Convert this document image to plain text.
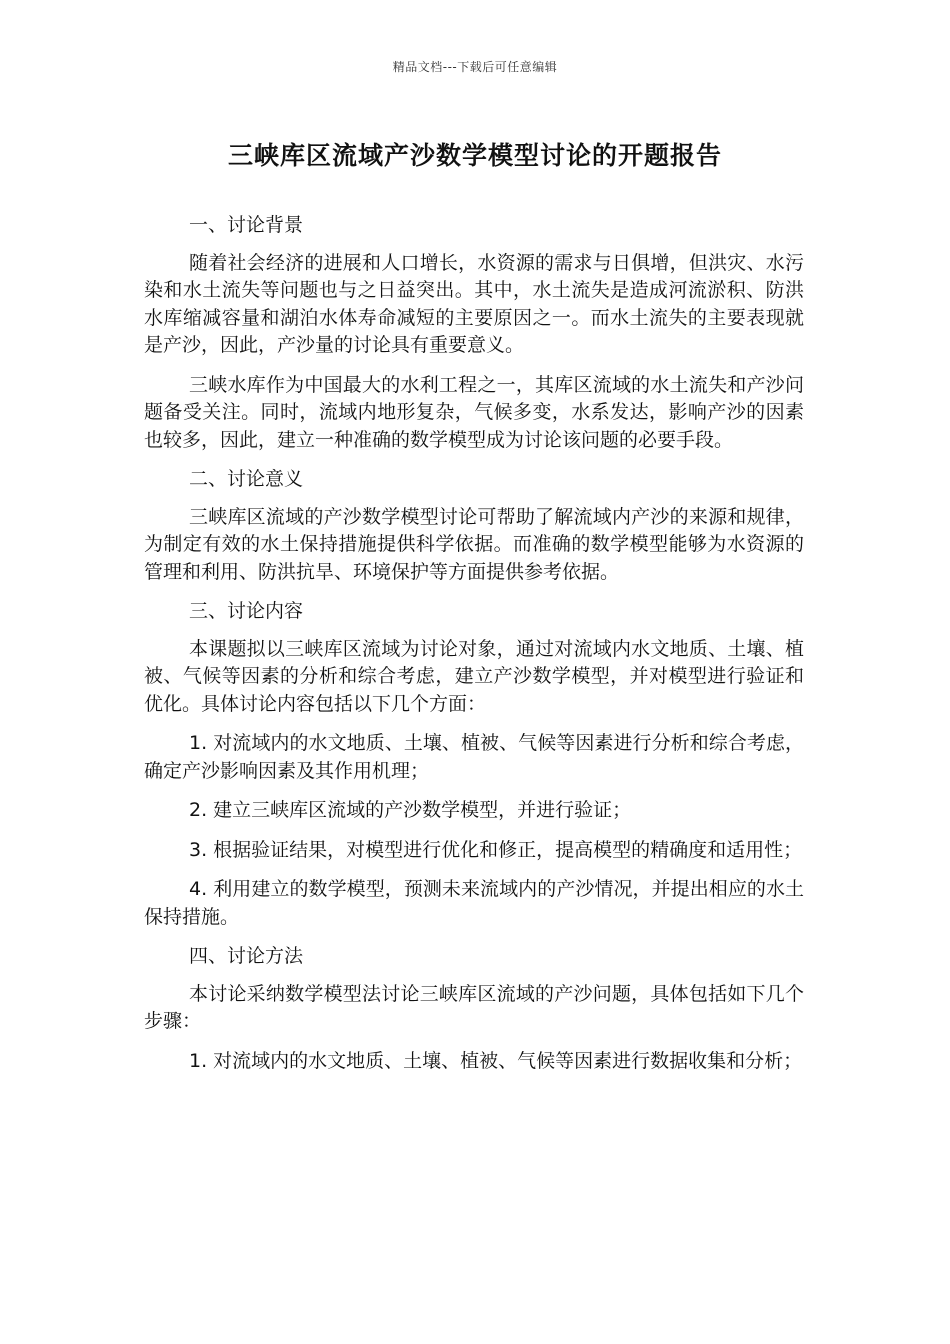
精品文档---下载后可任意编辑
三峡库区流域产沙数学模型讨论的开题报告
一、讨论背景

随着社会经济的进展和人口增长，水资源的需求与日俱增，但洪灾、水污染和水土流失等问题也与之日益突出。其中，水土流失是造成河流淤积、防洪水库缩减容量和湖泊水体寿命减短的主要原因之一。而水土流失的主要表现就是产沙，因此，产沙量的讨论具有重要意义。

三峡水库作为中国最大的水利工程之一，其库区流域的水土流失和产沙问题备受关注。同时，流域内地形复杂，气候多变，水系发达，影响产沙的因素也较多，因此，建立一种准确的数学模型成为讨论该问题的必要手段。

二、讨论意义

三峡库区流域的产沙数学模型讨论可帮助了解流域内产沙的来源和规律，为制定有效的水土保持措施提供科学依据。而准确的数学模型能够为水资源的管理和利用、防洪抗旱、环境保护等方面提供参考依据。

三、讨论内容

本课题拟以三峡库区流域为讨论对象，通过对流域内水文地质、土壤、植被、气候等因素的分析和综合考虑，建立产沙数学模型，并对模型进行验证和优化。具体讨论内容包括以下几个方面：

1. 对流域内的水文地质、土壤、植被、气候等因素进行分析和综合考虑，确定产沙影响因素及其作用机理；

2. 建立三峡库区流域的产沙数学模型，并进行验证；

3. 根据验证结果，对模型进行优化和修正，提高模型的精确度和适用性；

4. 利用建立的数学模型，预测未来流域内的产沙情况，并提出相应的水土保持措施。

四、讨论方法

本讨论采纳数学模型法讨论三峡库区流域的产沙问题，具体包括如下几个步骤：

1. 对流域内的水文地质、土壤、植被、气候等因素进行数据收集和分析；
